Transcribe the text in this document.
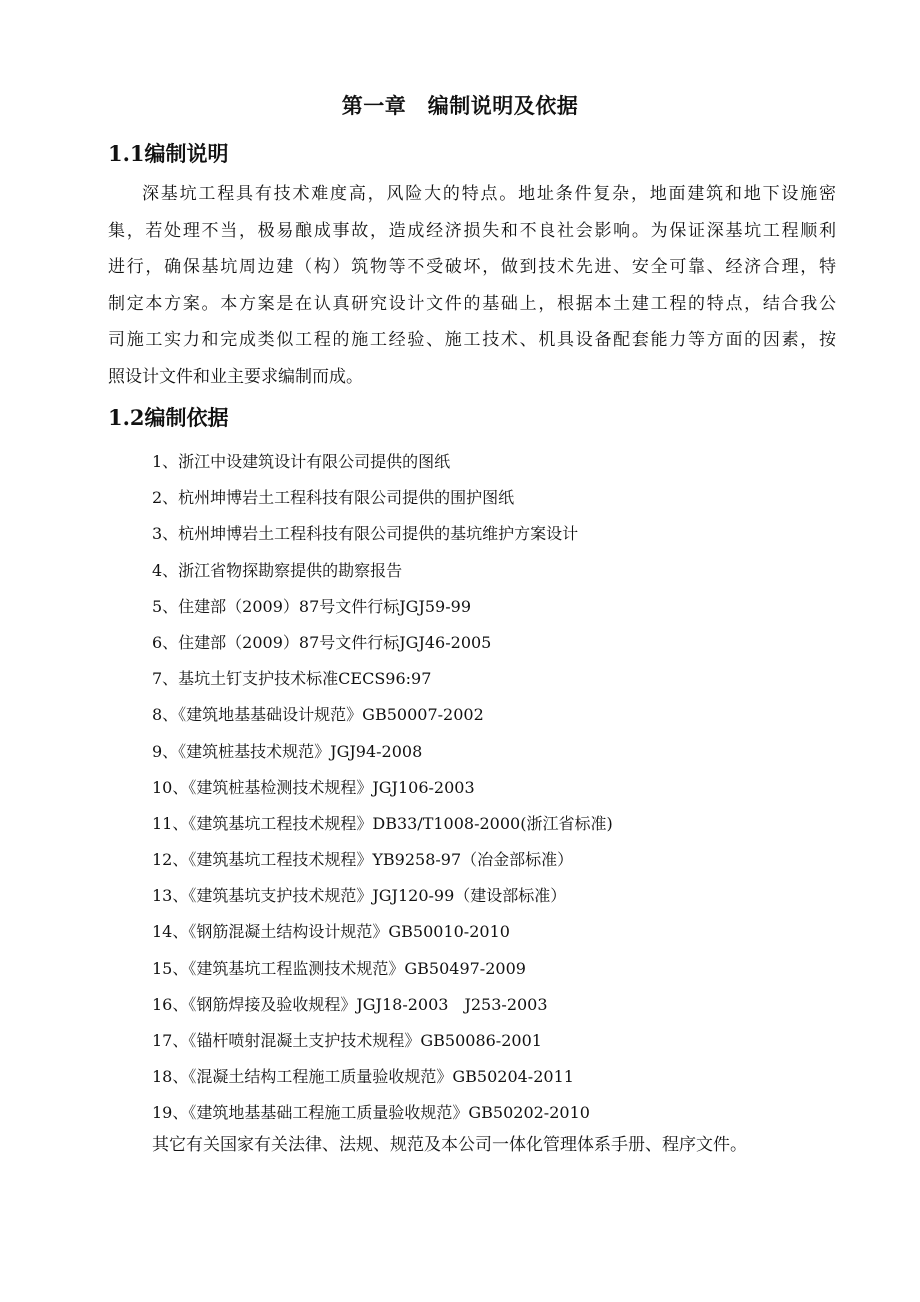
第一章　编制说明及依据
1.1编制说明
深基坑工程具有技术难度高，风险大的特点。地址条件复杂，地面建筑和地下设施密
集，若处理不当，极易酿成事故，造成经济损失和不良社会影响。为保证深基坑工程顺利
进行，确保基坑周边建（构）筑物等不受破坏，做到技术先进、安全可靠、经济合理，特
制定本方案。本方案是在认真研究设计文件的基础上，根据本土建工程的特点，结合我公
司施工实力和完成类似工程的施工经验、施工技术、机具设备配套能力等方面的因素，按
照设计文件和业主要求编制而成。
1.2编制依据
1、浙江中设建筑设计有限公司提供的图纸
2、杭州坤博岩土工程科技有限公司提供的围护图纸
3、杭州坤博岩土工程科技有限公司提供的基坑维护方案设计
4、浙江省物探勘察提供的勘察报告
5、住建部（2009）87号文件行标JGJ59-99
6、住建部（2009）87号文件行标JGJ46-2005
7、基坑土钉支护技术标准CECS96:97
8、《建筑地基基础设计规范》GB50007-2002
9、《建筑桩基技术规范》JGJ94-2008
10、《建筑桩基检测技术规程》JGJ106-2003
11、《建筑基坑工程技术规程》DB33/T1008-2000(浙江省标准)
12、《建筑基坑工程技术规程》YB9258-97（冶金部标准）
13、《建筑基坑支护技术规范》JGJ120-99（建设部标准）
14、《钢筋混凝土结构设计规范》GB50010-2010
15、《建筑基坑工程监测技术规范》GB50497-2009
16、《钢筋焊接及验收规程》JGJ18-2003　J253-2003
17、《锚杆喷射混凝土支护技术规程》GB50086-2001
18、《混凝土结构工程施工质量验收规范》GB50204-2011
19、《建筑地基基础工程施工质量验收规范》GB50202-2010
其它有关国家有关法律、法规、规范及本公司一体化管理体系手册、程序文件。
